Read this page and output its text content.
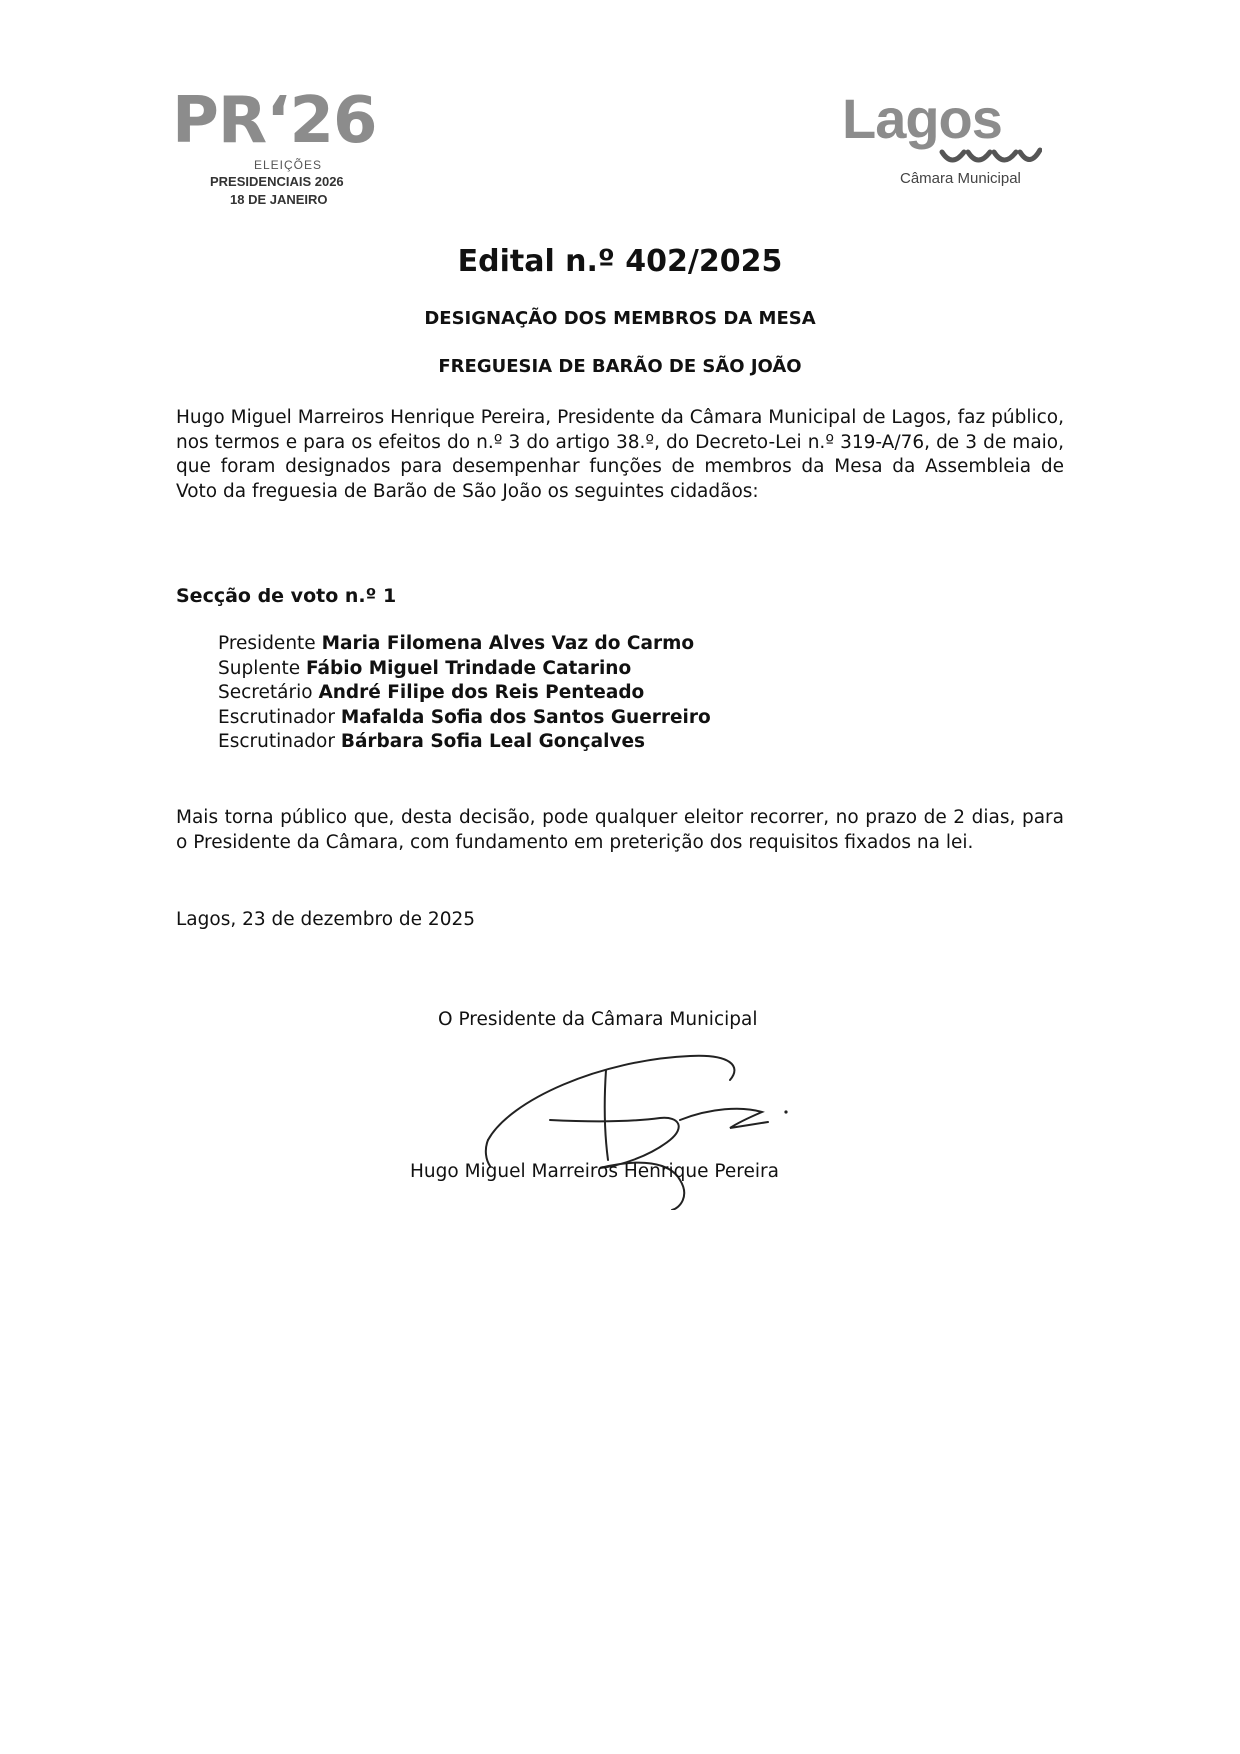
PR‘26
ELEIÇÕES
PRESIDENCIAIS 2026
18 DE JANEIRO
Lagos
Câmara Municipal
Edital n.º 402/2025
DESIGNAÇÃO DOS MEMBROS DA MESA
FREGUESIA DE BARÃO DE SÃO JOÃO

Hugo Miguel Marreiros Henrique Pereira, Presidente da Câmara Municipal de Lagos, faz público, nos termos e para os efeitos do n.º 3 do artigo 38.º, do Decreto-Lei n.º 319-A/76, de 3 de maio, que foram designados para desempenhar funções de membros da Mesa da Assembleia de Voto da freguesia de Barão de São João os seguintes cidadãos:

Secção de voto n.º 1
Presidente Maria Filomena Alves Vaz do Carmo
Suplente Fábio Miguel Trindade Catarino
Secretário André Filipe dos Reis Penteado
Escrutinador Mafalda Sofia dos Santos Guerreiro
Escrutinador Bárbara Sofia Leal Gonçalves

Mais torna público que, desta decisão, pode qualquer eleitor recorrer, no prazo de 2 dias, para o Presidente da Câmara, com fundamento em preterição dos requisitos fixados na lei.

Lagos, 23 de dezembro de 2025
O Presidente da Câmara Municipal
Hugo Miguel Marreiros Henrique Pereira
